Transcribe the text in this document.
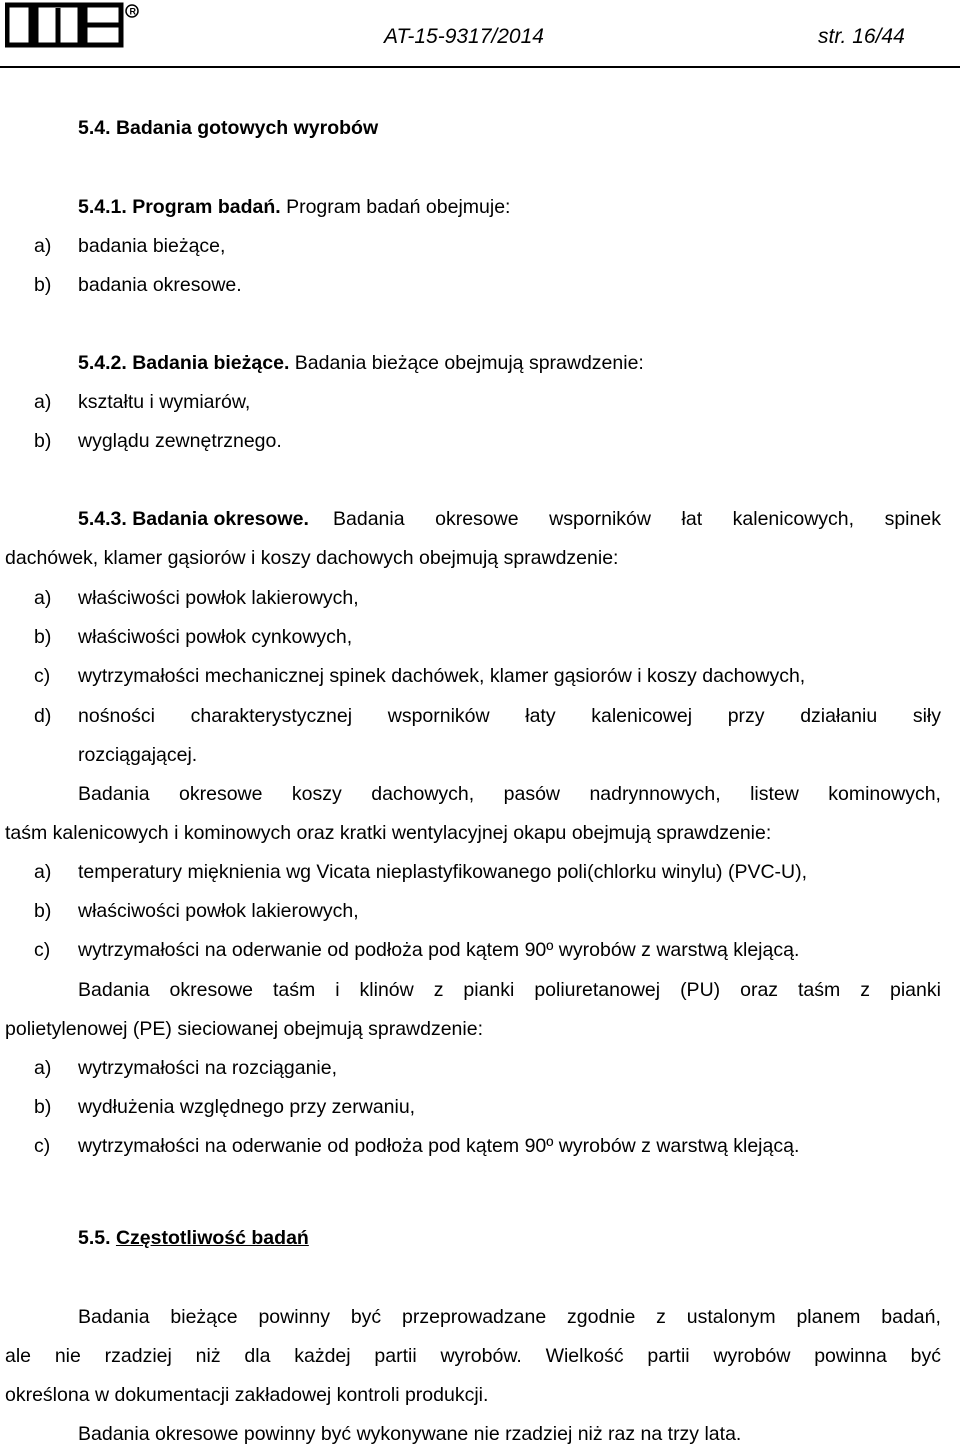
R
AT-15-9317/2014	str. 16/44
5.4. Badania gotowych wyrobów
5.4.1. Program badań. Program badań obejmuje:
a) badania bieżące,
b) badania okresowe.
5.4.2. Badania bieżące. Badania bieżące obejmują sprawdzenie:
a) kształtu i wymiarów,
b) wyglądu zewnętrznego.
5.4.3. Badania okresowe. Badania okresowe wsporników łat kalenicowych, spinek
dachówek, klamer gąsiorów i koszy dachowych obejmują sprawdzenie:
a) właściwości powłok lakierowych,
b) właściwości powłok cynkowych,
c) wytrzymałości mechanicznej spinek dachówek, klamer gąsiorów i koszy dachowych,
d) nośności charakterystycznej wsporników łaty kalenicowej przy działaniu siły
rozciągającej.
Badania okresowe koszy dachowych, pasów nadrynnowych, listew kominowych,
taśm kalenicowych i kominowych oraz kratki wentylacyjnej okapu obejmują sprawdzenie:
a) temperatury mięknienia wg Vicata nieplastyfikowanego poli(chlorku winylu) (PVC-U),
b) właściwości powłok lakierowych,
c) wytrzymałości na oderwanie od podłoża pod kątem 90º wyrobów z warstwą klejącą.
Badania okresowe taśm i klinów z pianki poliuretanowej (PU) oraz taśm z pianki
polietylenowej (PE) sieciowanej obejmują sprawdzenie:
a) wytrzymałości na rozciąganie,
b) wydłużenia względnego przy zerwaniu,
c) wytrzymałości na oderwanie od podłoża pod kątem 90º wyrobów z warstwą klejącą.
5.5. Częstotliwość badań
Badania bieżące powinny być przeprowadzane zgodnie z ustalonym planem badań,
ale nie rzadziej niż dla każdej partii wyrobów. Wielkość partii wyrobów powinna być
określona w dokumentacji zakładowej kontroli produkcji.
Badania okresowe powinny być wykonywane nie rzadziej niż raz na trzy lata.
